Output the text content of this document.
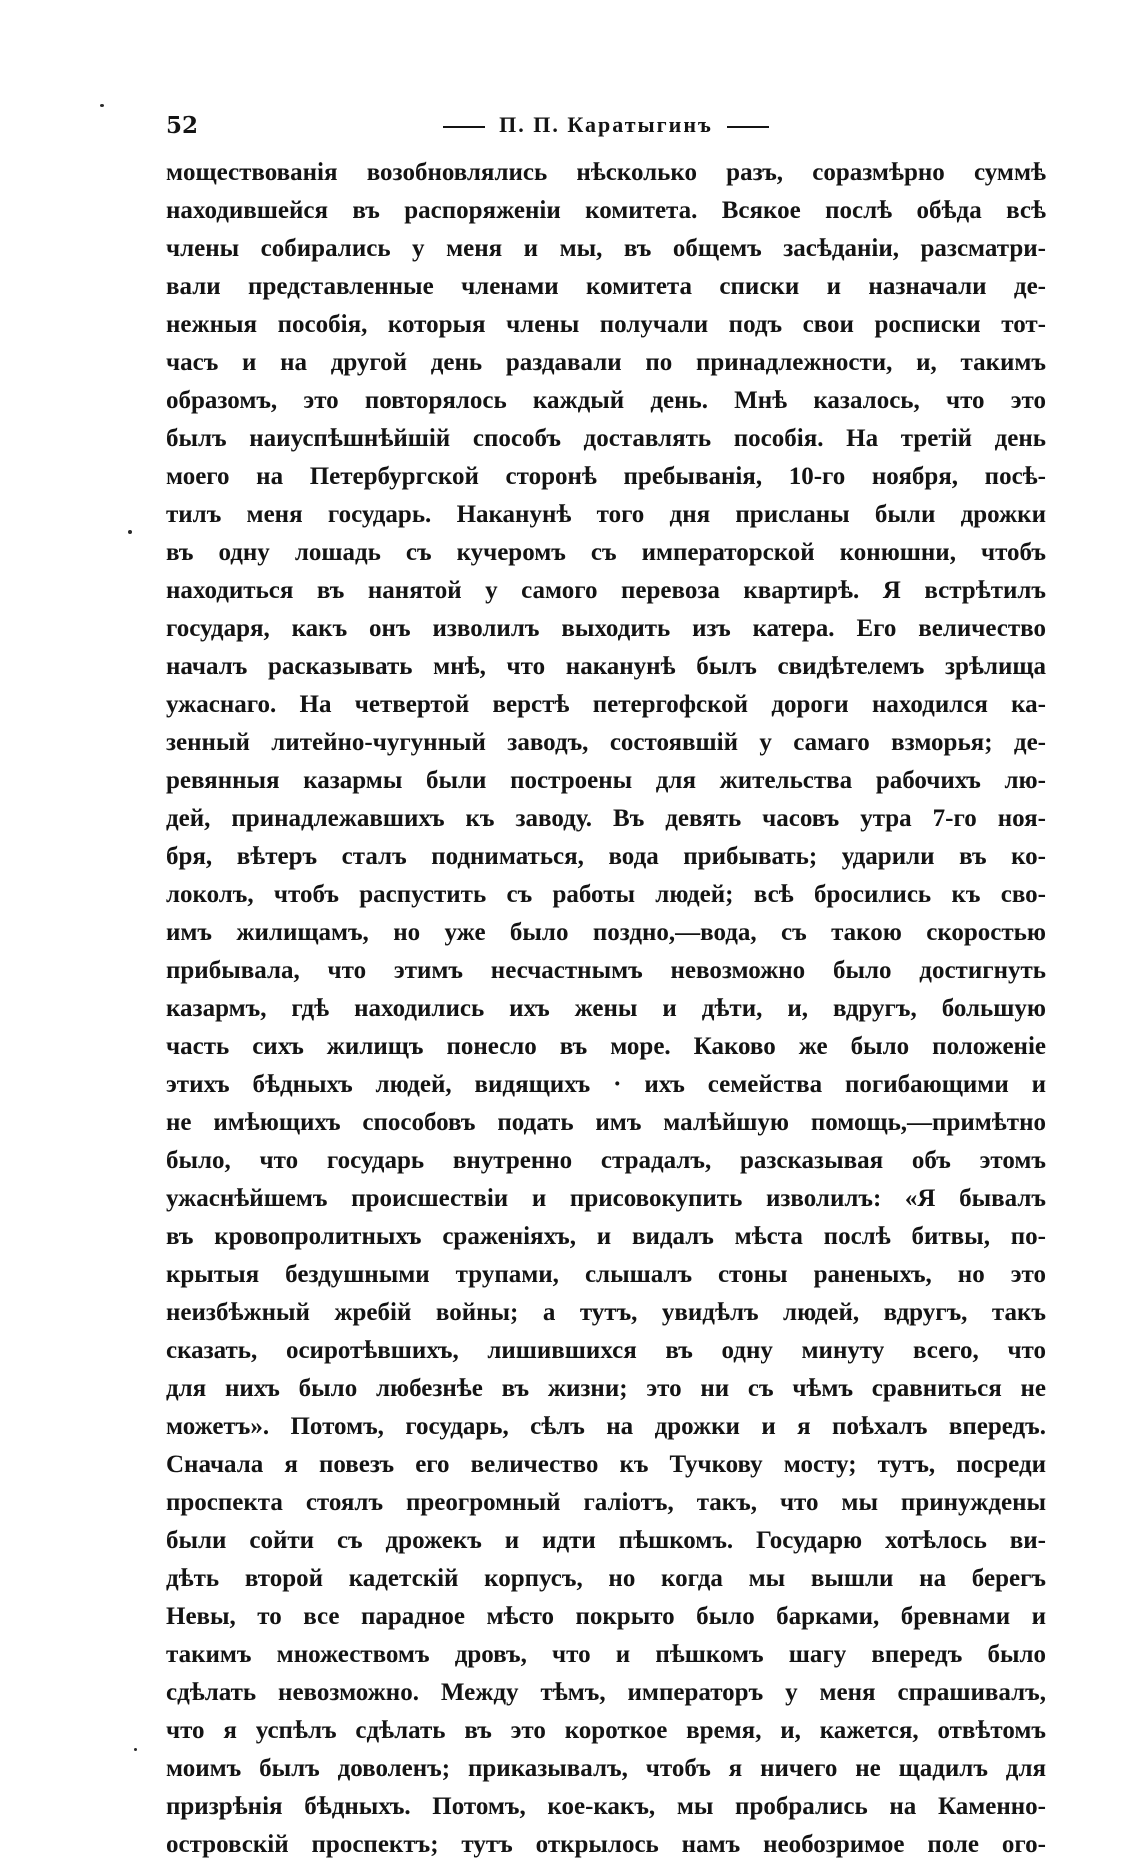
52	П. П. Каратыгинъ
мoществованія возобновлялись нѣсколько разъ, соразмѣрно суммѣ
находившейся въ распоряженіи комитета. Всякое послѣ обѣда всѣ
члены собирались у меня и мы, въ общемъ засѣданіи, разсматри-
вали представленные членами комитета списки и назначали де-
нежныя пособія, которыя члены получали подъ свои росписки тот-
часъ и на другой день раздавали по принадлежности, и, такимъ
образомъ, это повторялось каждый день. Мнѣ казалось, что это
былъ наиуспѣшнѣйшій способъ доставлять пособія. На третій день
моего на Петербургской сторонѣ пребыванія, 10-го ноября, посѣ-
тилъ меня государь. Наканунѣ того дня присланы были дрожки
въ одну лошадь съ кучеромъ съ императорской конюшни, чтобъ
находиться въ нанятой у самого перевоза квартирѣ. Я встрѣтилъ
государя, какъ онъ изволилъ выходить изъ катера. Его величество
началъ расказывать мнѣ, что наканунѣ былъ свидѣтелемъ зрѣлища
ужаснаго. На четвертой верстѣ петергофской дороги находился ка-
зенный литейно-чугунный заводъ, состоявшій у самаго взморья; де-
ревянныя казармы были построены для жительства рабочихъ лю-
дей, принадлежавшихъ къ заводу. Въ девять часовъ утра 7-го ноя-
бря, вѣтеръ сталъ подниматься, вода прибывать; ударили въ ко-
локолъ, чтобъ распустить съ работы людей; всѣ бросились къ сво-
имъ жилищамъ, но уже было поздно,—вода, съ такою скоростью
прибывала, что этимъ несчастнымъ невозможно было достигнуть
казармъ, гдѣ находились ихъ жены и дѣти, и, вдругъ, большую
часть сихъ жилищъ понесло въ море. Каково же было положеніе
этихъ бѣдныхъ людей, видящихъ · ихъ семейства погибающими и
не имѣющихъ способовъ подать имъ малѣйшую помощь,—примѣтно
было, что государь внутренно страдалъ, разсказывая объ этомъ
ужаснѣйшемъ происшествіи и присовокупить изволилъ: «Я бывалъ
въ кровопролитныхъ сраженіяхъ, и видалъ мѣста послѣ битвы, по-
крытыя бездушными трупами, слышалъ стоны раненыхъ, но это
неизбѣжный жребій войны; а тутъ, увидѣлъ людей, вдругъ, такъ
сказать, осиротѣвшихъ, лишившихся въ одну минуту всего, что
для нихъ было любезнѣе въ жизни; это ни съ чѣмъ сравниться не
можетъ». Потомъ, государь, сѣлъ на дрожки и я поѣхалъ впередъ.
Сначала я повезъ его величество къ Тучкову мосту; тутъ, посреди
проспекта стоялъ преогромный галіотъ, такъ, что мы принуждены
были сойти съ дрожекъ и идти пѣшкомъ. Государю хотѣлось ви-
дѣть второй кадетскій корпусъ, но когда мы вышли на берегъ
Невы, то все парадное мѣсто покрыто было барками, бревнами и
такимъ множествомъ дровъ, что и пѣшкомъ шагу впередъ было
сдѣлать невозможно. Между тѣмъ, императоръ у меня спрашивалъ,
что я успѣлъ сдѣлать въ это короткое время, и, кажется, отвѣтомъ
моимъ былъ доволенъ; приказывалъ, чтобъ я ничего не щадилъ для
призрѣнія бѣдныхъ. Потомъ, кое-какъ, мы пробрались на Каменно-
островскій проспектъ; тутъ открылось намъ необозримое поле ого-
